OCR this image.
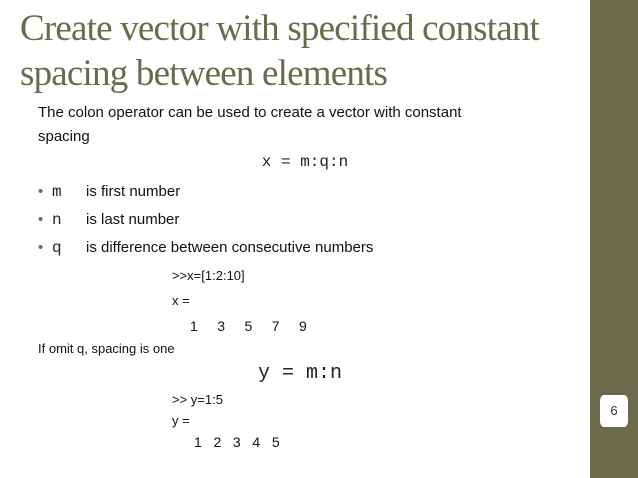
6
Create vector with specified constant
spacing between elements

The colon operator can be used to create a vector with constant
spacing

x = m:q:n

• m	is first number
• n	is last number
• q	is difference between consecutive numbers

>>x=[1:2:10]

x =

1     3     5     7     9

If omit q, spacing is one

y = m:n

>> y=1:5

y =

1   2   3   4   5
